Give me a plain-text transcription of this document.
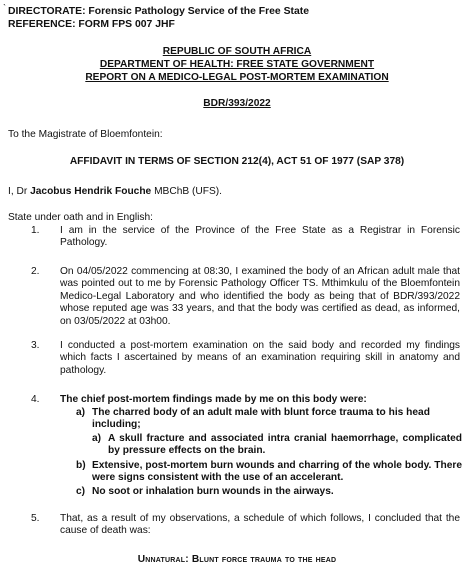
` DIRECTORATE: Forensic Pathology Service of the Free State
REFERENCE: FORM FPS 007 JHF
REPUBLIC OF SOUTH AFRICA
DEPARTMENT OF HEALTH: FREE STATE GOVERNMENT
REPORT ON A MEDICO-LEGAL POST-MORTEM EXAMINATION
BDR/393/2022
To the Magistrate of Bloemfontein:
AFFIDAVIT IN TERMS OF SECTION 212(4), ACT 51 OF 1977 (SAP 378)
I, Dr Jacobus Hendrik Fouche MBChB (UFS).
State under oath and in English:
1. I am in the service of the Province of the Free State as a Registrar in Forensic Pathology.
2. On 04/05/2022 commencing at 08:30, I examined the body of an African adult male that was pointed out to me by Forensic Pathology Officer TS. Mthimkulu of the Bloemfontein Medico-Legal Laboratory and who identified the body as being that of BDR/393/2022 whose reputed age was 33 years, and that the body was certified as dead, as informed, on 03/05/2022 at 03h00.
3. I conducted a post-mortem examination on the said body and recorded my findings which facts I ascertained by means of an examination requiring skill in anatomy and pathology.
4. The chief post-mortem findings made by me on this body were:
a) The charred body of an adult male with blunt force trauma to his head including;
a) A skull fracture and associated intra cranial haemorrhage, complicated by pressure effects on the brain.
b) Extensive, post-mortem burn wounds and charring of the whole body. There were signs consistent with the use of an accelerant.
c) No soot or inhalation burn wounds in the airways.
5. That, as a result of my observations, a schedule of which follows, I concluded that the cause of death was:
Unnatural: Blunt force trauma to the head
